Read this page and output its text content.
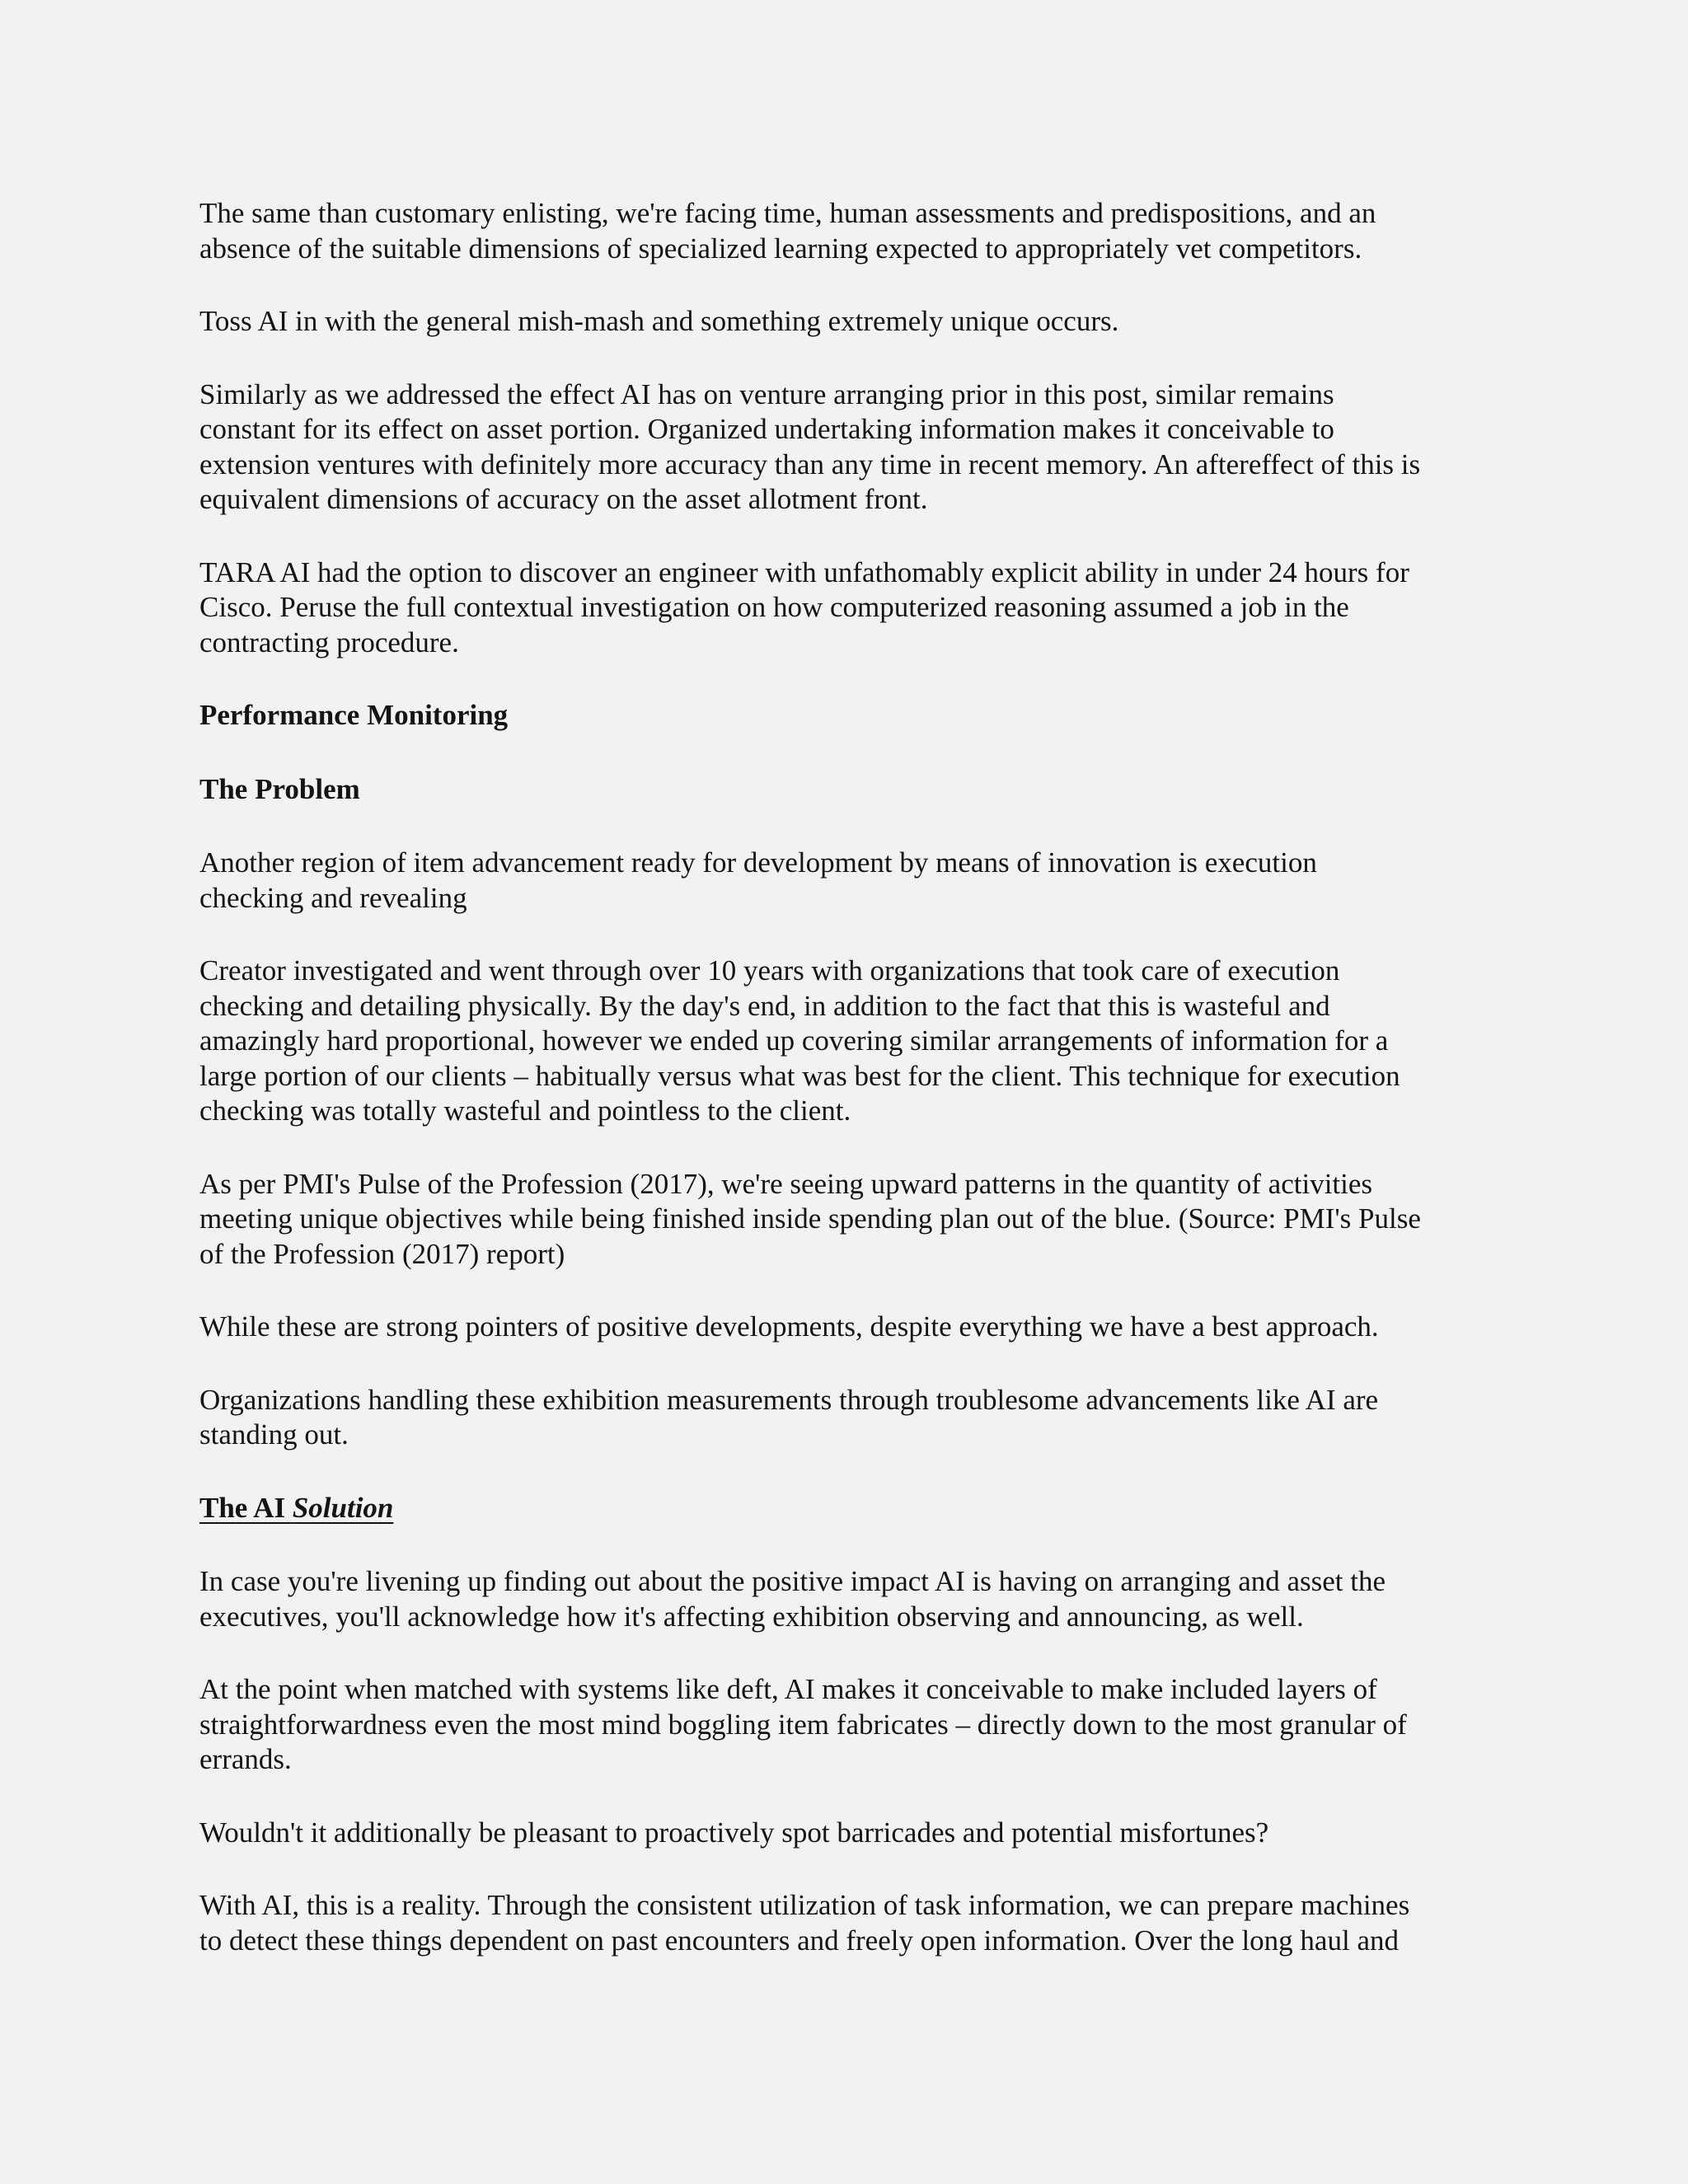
The same than customary enlisting, we're facing time, human assessments and predispositions, and an
absence of the suitable dimensions of specialized learning expected to appropriately vet competitors.

Toss AI in with the general mish-mash and something extremely unique occurs.

Similarly as we addressed the effect AI has on venture arranging prior in this post, similar remains
constant for its effect on asset portion. Organized undertaking information makes it conceivable to
extension ventures with definitely more accuracy than any time in recent memory. An aftereffect of this is
equivalent dimensions of accuracy on the asset allotment front.

TARA AI had the option to discover an engineer with unfathomably explicit ability in under 24 hours for
Cisco. Peruse the full contextual investigation on how computerized reasoning assumed a job in the
contracting procedure.

Performance Monitoring

The Problem

Another region of item advancement ready for development by means of innovation is execution
checking and revealing

Creator investigated and went through over 10 years with organizations that took care of execution
checking and detailing physically. By the day's end, in addition to the fact that this is wasteful and
amazingly hard proportional, however we ended up covering similar arrangements of information for a
large portion of our clients – habitually versus what was best for the client. This technique for execution
checking was totally wasteful and pointless to the client.

As per PMI's Pulse of the Profession (2017), we're seeing upward patterns in the quantity of activities
meeting unique objectives while being finished inside spending plan out of the blue. (Source: PMI's Pulse
of the Profession (2017) report)

While these are strong pointers of positive developments, despite everything we have a best approach.

Organizations handling these exhibition measurements through troublesome advancements like AI are
standing out.

The AI Solution

In case you're livening up finding out about the positive impact AI is having on arranging and asset the
executives, you'll acknowledge how it's affecting exhibition observing and announcing, as well.

At the point when matched with systems like deft, AI makes it conceivable to make included layers of
straightforwardness even the most mind boggling item fabricates – directly down to the most granular of
errands.

Wouldn't it additionally be pleasant to proactively spot barricades and potential misfortunes?

With AI, this is a reality. Through the consistent utilization of task information, we can prepare machines
to detect these things dependent on past encounters and freely open information. Over the long haul and
